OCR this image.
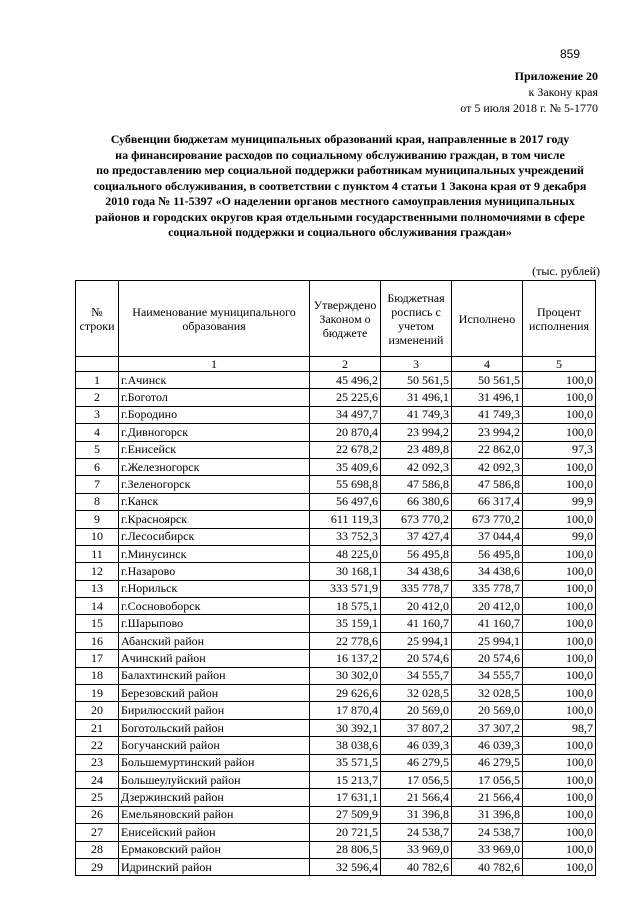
859
Приложение 20
к Закону края
от 5 июля 2018 г. № 5-1770
Субвенции бюджетам муниципальных образований края, направленные в 2017 году
на финансирование расходов по социальному обслуживанию граждан, в том числе
по предоставлению мер социальной поддержки работникам муниципальных учреждений
социального обслуживания, в соответствии с пунктом 4 статьи 1 Закона края от 9 декабря
2010 года № 11-5397 «О наделении органов местного самоуправления муниципальных
районов и городских округов края отдельными государственными полномочиями в сфере
социальной поддержки и социального обслуживания граждан»
(тыс. рублей)
№ строки	Наименование муниципального образования	Утверждено Законом о бюджете	Бюджетная роспись с учетом изменений	Исполнено	Процент исполнения
	1	2	3	4	5
1	г.Ачинск	45 496,2	50 561,5	50 561,5	100,0
2	г.Боготол	25 225,6	31 496,1	31 496,1	100,0
3	г.Бородино	34 497,7	41 749,3	41 749,3	100,0
4	г.Дивногорск	20 870,4	23 994,2	23 994,2	100,0
5	г.Енисейск	22 678,2	23 489,8	22 862,0	97,3
6	г.Железногорск	35 409,6	42 092,3	42 092,3	100,0
7	г.Зеленогорск	55 698,8	47 586,8	47 586,8	100,0
8	г.Канск	56 497,6	66 380,6	66 317,4	99,9
9	г.Красноярск	611 119,3	673 770,2	673 770,2	100,0
10	г.Лесосибирск	33 752,3	37 427,4	37 044,4	99,0
11	г.Минусинск	48 225,0	56 495,8	56 495,8	100,0
12	г.Назарово	30 168,1	34 438,6	34 438,6	100,0
13	г.Норильск	333 571,9	335 778,7	335 778,7	100,0
14	г.Сосновоборск	18 575,1	20 412,0	20 412,0	100,0
15	г.Шарыпово	35 159,1	41 160,7	41 160,7	100,0
16	Абанский район	22 778,6	25 994,1	25 994,1	100,0
17	Ачинский район	16 137,2	20 574,6	20 574,6	100,0
18	Балахтинский район	30 302,0	34 555,7	34 555,7	100,0
19	Березовский район	29 626,6	32 028,5	32 028,5	100,0
20	Бирилюсский район	17 870,4	20 569,0	20 569,0	100,0
21	Боготольский район	30 392,1	37 807,2	37 307,2	98,7
22	Богучанский район	38 038,6	46 039,3	46 039,3	100,0
23	Большемуртинский район	35 571,5	46 279,5	46 279,5	100,0
24	Большеулуйский район	15 213,7	17 056,5	17 056,5	100,0
25	Дзержинский район	17 631,1	21 566,4	21 566,4	100,0
26	Емельяновский район	27 509,9	31 396,8	31 396,8	100,0
27	Енисейский район	20 721,5	24 538,7	24 538,7	100,0
28	Ермаковский район	28 806,5	33 969,0	33 969,0	100,0
29	Идринский район	32 596,4	40 782,6	40 782,6	100,0
